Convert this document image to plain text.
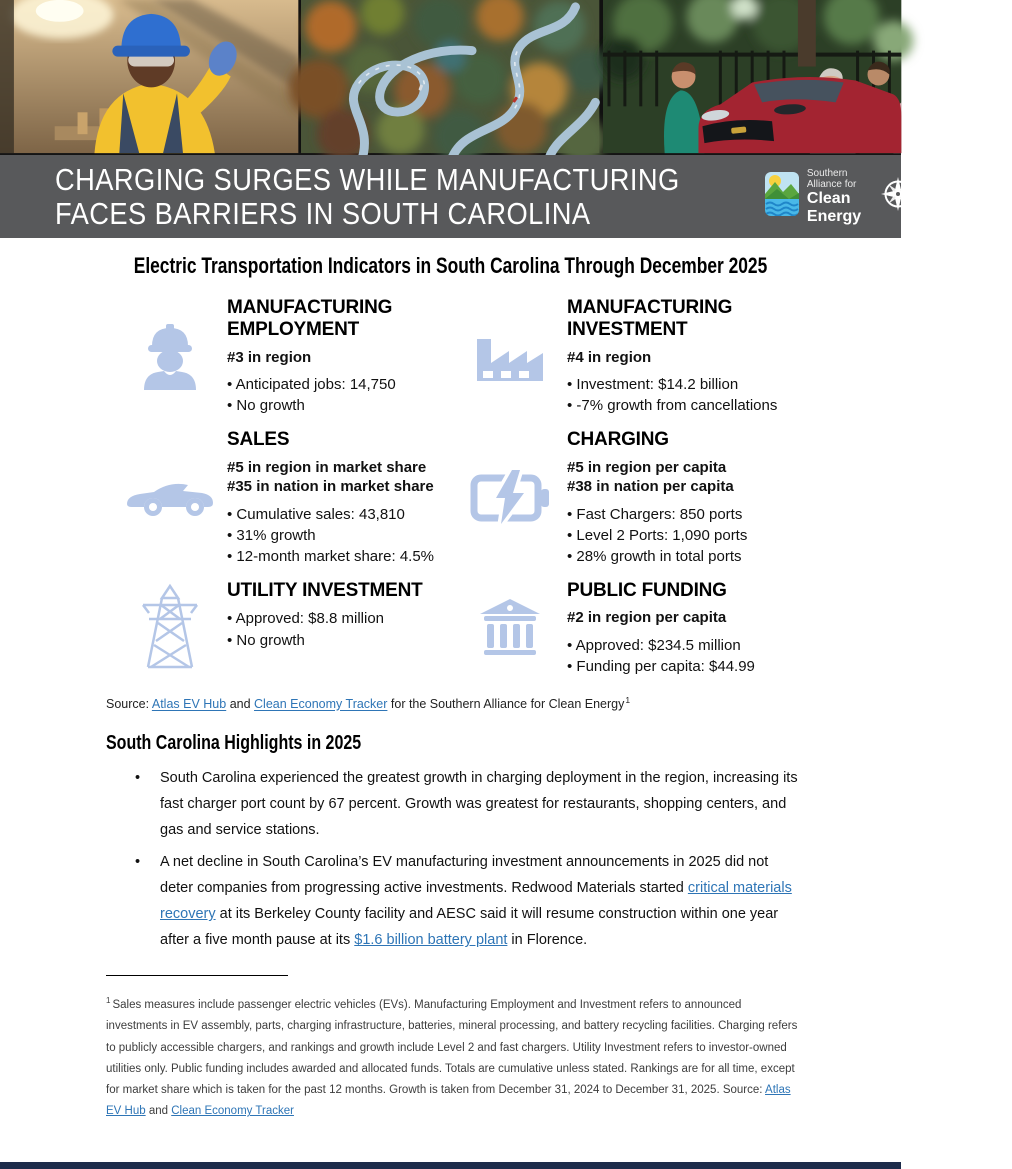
CHARGING SURGES WHILE MANUFACTURING
FACES BARRIERS IN SOUTH CAROLINA
Southern Alliance for
Clean Energy
ATLAS
PUBLIC POLICY
Electric Transportation Indicators in South Carolina Through December 2025
MANUFACTURING EMPLOYMENT
#3 in region
• Anticipated jobs: 14,750
• No growth
MANUFACTURING INVESTMENT
#4 in region
• Investment: $14.2 billion
• -7% growth from cancellations
SALES
#5 in region in market share
#35 in nation in market share
• Cumulative sales: 43,810
• 31% growth
• 12-month market share: 4.5%
CHARGING
#5 in region per capita
#38 in nation per capita
• Fast Chargers: 850 ports
• Level 2 Ports: 1,090 ports
• 28% growth in total ports
UTILITY INVESTMENT
• Approved: $8.8 million
• No growth
PUBLIC FUNDING
#2 in region per capita
• Approved: $234.5 million
• Funding per capita: $44.99

Source: Atlas EV Hub and Clean Economy Tracker for the Southern Alliance for Clean Energy$^1$

South Carolina Highlights in 2025
• South Carolina experienced the greatest growth in charging deployment in the region, increasing its fast charger port count by 67 percent. Growth was greatest for restaurants, shopping centers, and gas and service stations.
• A net decline in South Carolina’s EV manufacturing investment announcements in 2025 did not deter companies from progressing active investments. Redwood Materials started critical materials recovery at its Berkeley County facility and AESC said it will resume construction within one year after a five month pause at its $1.6 billion battery plant in Florence.

$^1$ Sales measures include passenger electric vehicles (EVs). Manufacturing Employment and Investment refers to announced investments in EV assembly, parts, charging infrastructure, batteries, mineral processing, and battery recycling facilities. Charging refers to publicly accessible chargers, and rankings and growth include Level 2 and fast chargers. Utility Investment refers to investor-owned utilities only. Public funding includes awarded and allocated funds. Totals are cumulative unless stated. Rankings are for all time, except for market share which is taken for the past 12 months. Growth is taken from December 31, 2024 to December 31, 2025. Source: Atlas EV Hub and Clean Economy Tracker
